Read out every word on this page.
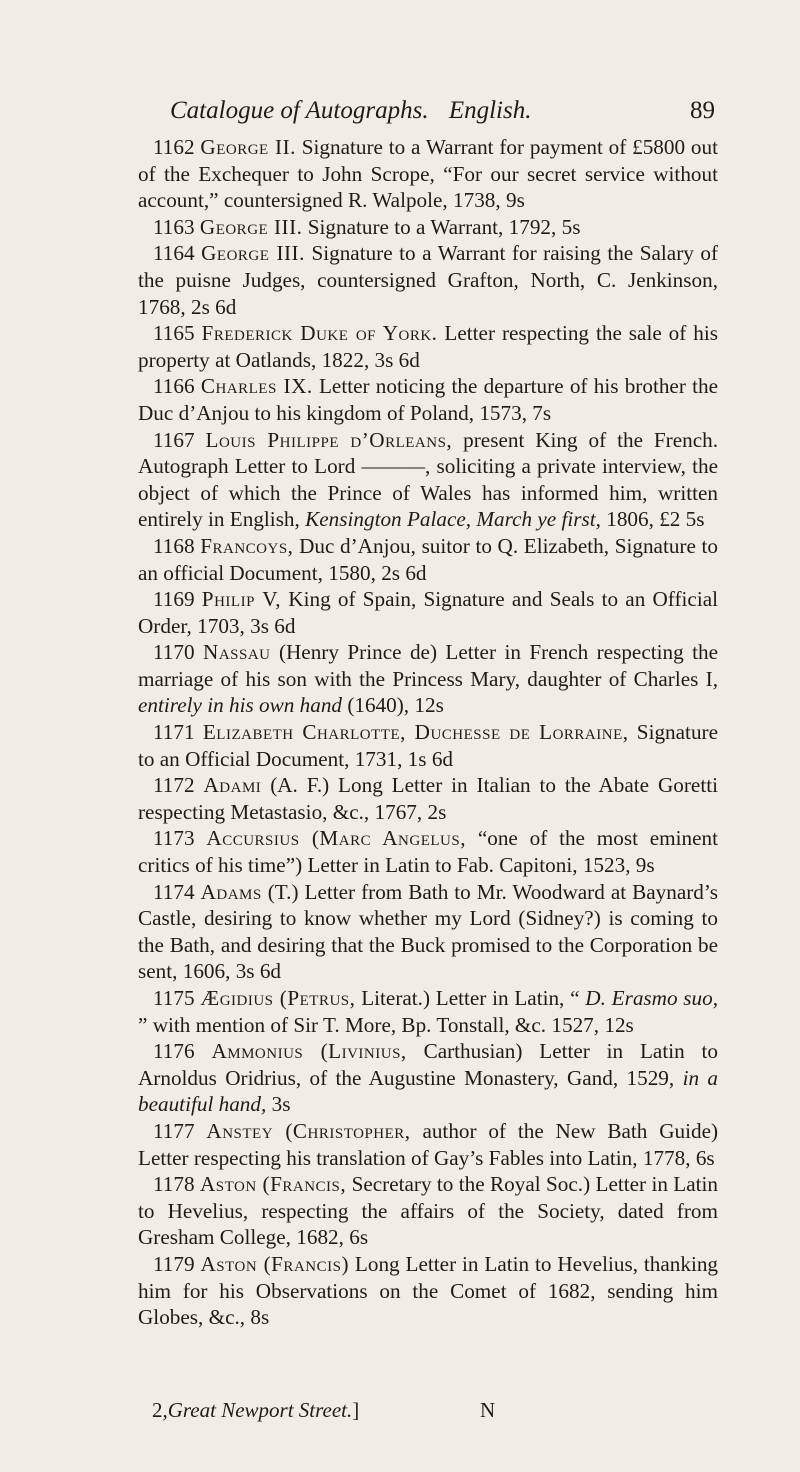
Catalogue of Autographs. English.	89

1162 George II. Signature to a Warrant for payment of £5800 out of the Exchequer to John Scrope, “For our secret service without account,” countersigned R. Walpole, 1738, 9s

1163 George III. Signature to a Warrant, 1792, 5s

1164 George III. Signature to a Warrant for raising the Salary of the puisne Judges, countersigned Grafton, North, C. Jenkinson, 1768, 2s 6d

1165 Frederick Duke of York. Letter respecting the sale of his property at Oatlands, 1822, 3s 6d

1166 Charles IX. Letter noticing the departure of his brother the Duc d’Anjou to his kingdom of Poland, 1573, 7s

1167 Louis Philippe d’Orleans, present King of the French. Autograph Letter to Lord ———, soliciting a private interview, the object of which the Prince of Wales has informed him, written entirely in English, Kensington Palace, March ye first, 1806, £2 5s

1168 Francoys, Duc d’Anjou, suitor to Q. Elizabeth, Signature to an official Document, 1580, 2s 6d

1169 Philip V, King of Spain, Signature and Seals to an Official Order, 1703, 3s 6d

1170 Nassau (Henry Prince de) Letter in French respecting the marriage of his son with the Princess Mary, daughter of Charles I, entirely in his own hand (1640), 12s

1171 Elizabeth Charlotte, Duchesse de Lorraine, Signature to an Official Document, 1731, 1s 6d

1172 Adami (A. F.) Long Letter in Italian to the Abate Goretti respecting Metastasio, &c., 1767, 2s

1173 Accursius (Marc Angelus, “one of the most eminent critics of his time”) Letter in Latin to Fab. Capitoni, 1523, 9s

1174 Adams (T.) Letter from Bath to Mr. Woodward at Baynard’s Castle, desiring to know whether my Lord (Sidney?) is coming to the Bath, and desiring that the Buck promised to the Corporation be sent, 1606, 3s 6d

1175 Ægidius (Petrus, Literat.) Letter in Latin, “ D. Erasmo suo, ” with mention of Sir T. More, Bp. Tonstall, &c. 1527, 12s

1176 Ammonius (Livinius, Carthusian) Letter in Latin to Arnoldus Oridrius, of the Augustine Monastery, Gand, 1529, in a beautiful hand, 3s

1177 Anstey (Christopher, author of the New Bath Guide) Letter respecting his translation of Gay’s Fables into Latin, 1778, 6s

1178 Aston (Francis, Secretary to the Royal Soc.) Letter in Latin to Hevelius, respecting the affairs of the Society, dated from Gresham College, 1682, 6s

1179 Aston (Francis) Long Letter in Latin to Hevelius, thanking him for his Observations on the Comet of 1682, sending him Globes, &c., 8s

2,Great Newport Street.]	N
